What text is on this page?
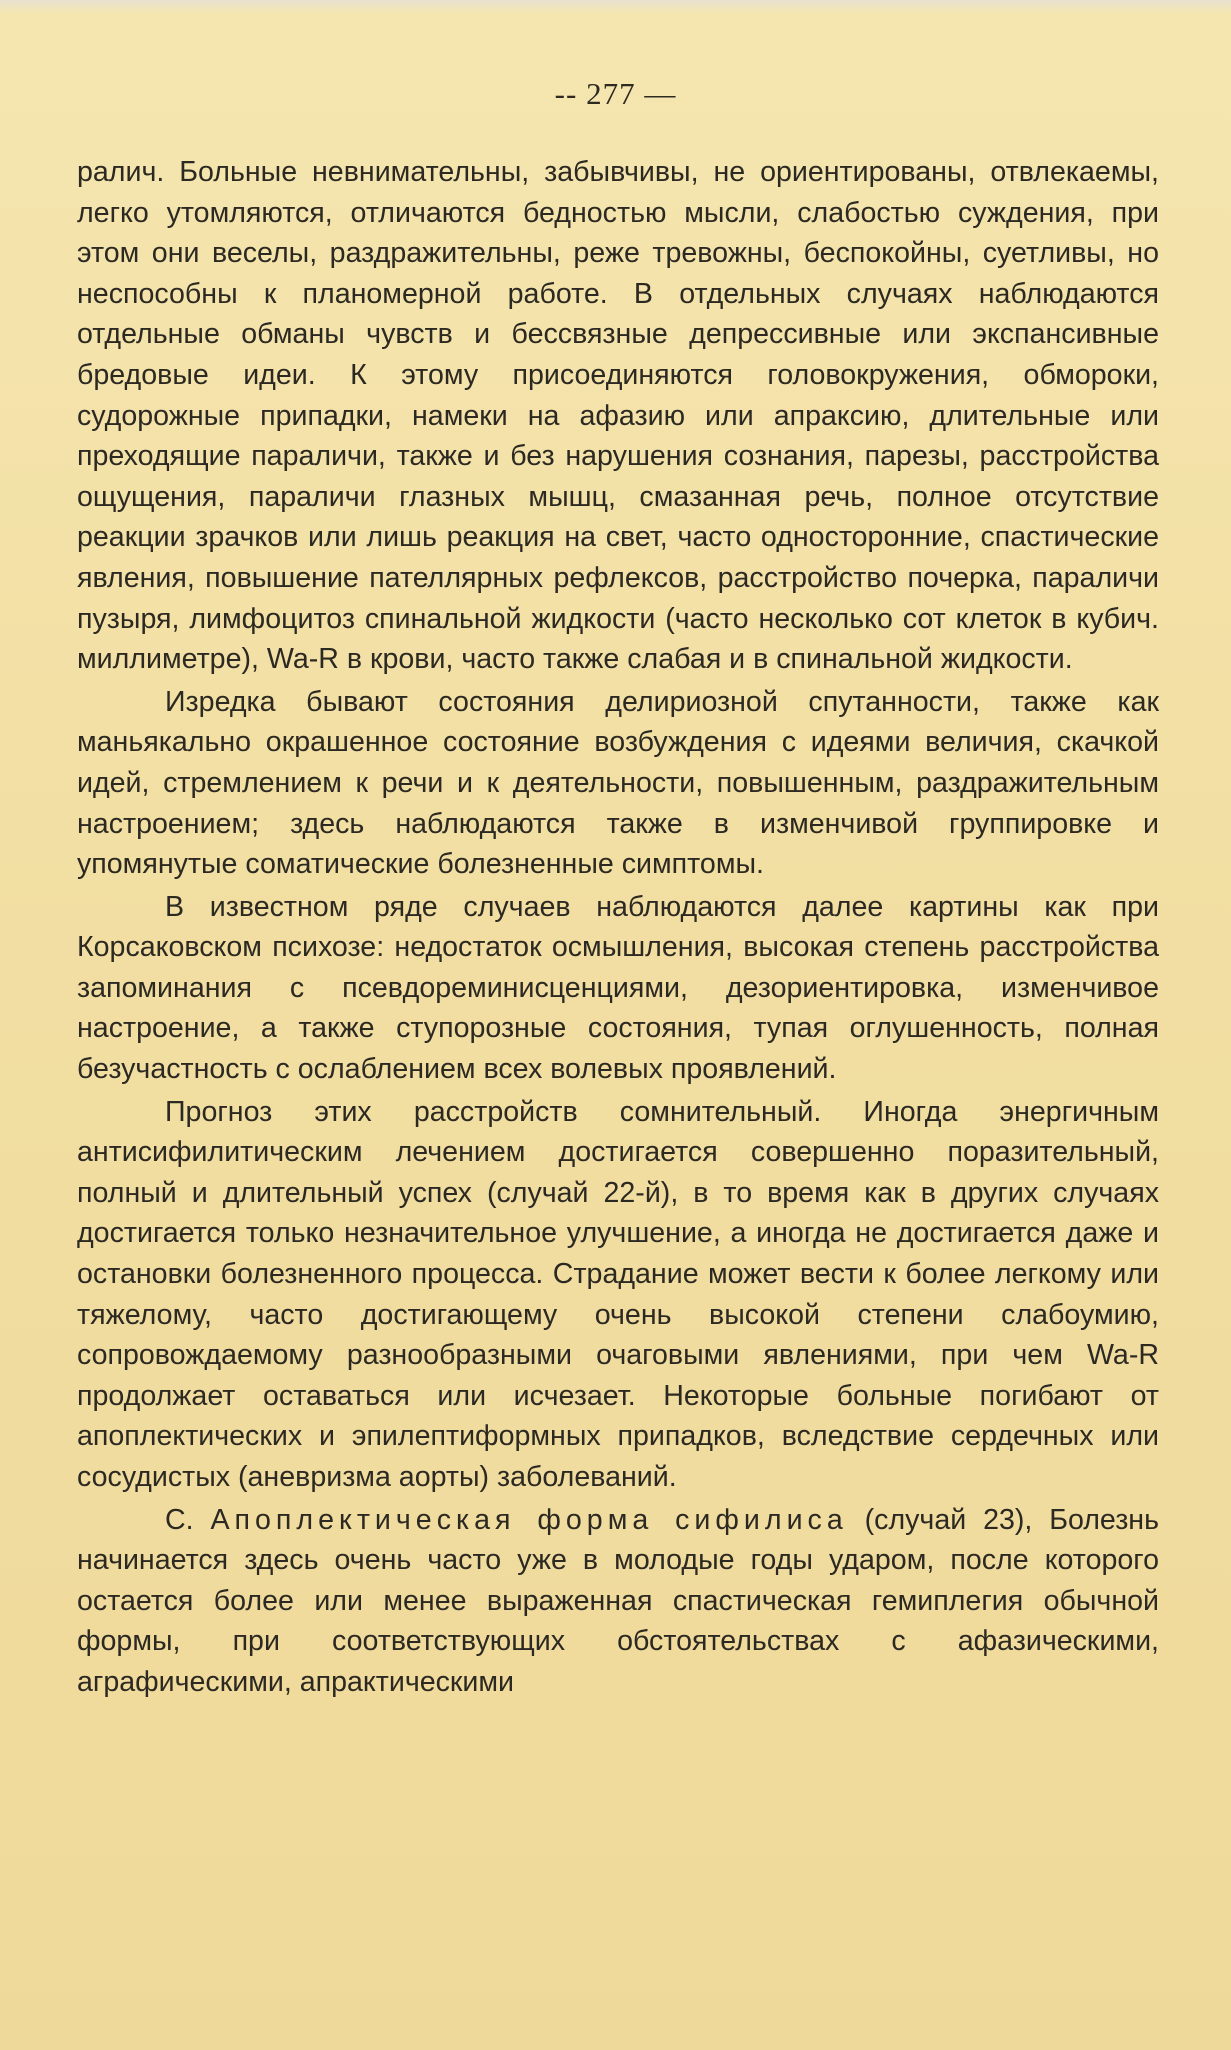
-- 277 —

ралич. Больные невнимательны, забывчивы, не ориентированы, отвлекаемы, легко утомляются, отличаются бедностью мысли, слабостью суждения, при этом они веселы, раздражительны, реже тревожны, беспокойны, суетливы, но неспособны к планомерной работе. В отдельных случаях наблюдаются отдельные обманы чувств и бессвязные депрессивные или экспансивные бредовые идеи. К этому присоединяются головокружения, обмороки, судорожные припадки, намеки на афазию или апраксию, длительные или преходящие параличи, также и без нарушения сознания, парезы, расстройства ощущения, параличи глазных мышц, смазанная речь, полное отсутствие реакции зрачков или лишь реакция на свет, часто односторонние, спастические явления, повышение пателлярных рефлексов, расстройство почерка, параличи пузыря, лимфоцитоз спинальной жидкости (часто несколько сот клеток в кубич. миллиметре), Wa-R в крови, часто также слабая и в спинальной жидкости.

Изредка бывают состояния делириозной спутанности, также как маньякально окрашенное состояние возбуждения с идеями величия, скачкой идей, стремлением к речи и к деятельности, повышенным, раздражительным настроением; здесь наблюдаются также в изменчивой группировке и упомянутые соматические болезненные симптомы.

В известном ряде случаев наблюдаются далее картины как при Корсаковском психозе: недостаток осмышления, высокая степень расстройства запоминания с псевдореминисценциями, дезориентировка, изменчивое настроение, а также ступорозные состояния, тупая оглушенность, полная безучастность с ослаблением всех волевых проявлений.

Прогноз этих расстройств сомнительный. Иногда энергичным антисифилитическим лечением достигается совершенно поразительный, полный и длительный успех (случай 22-й), в то время как в других случаях достигается только незначительное улучшение, а иногда не достигается даже и остановки болезненного процесса. Страдание может вести к более легкому или тяжелому, часто достигающему очень высокой степени слабоумию, сопровождаемому разнообразными очаговыми явлениями, при чем Wa-R продолжает оставаться или исчезает. Некоторые больные погибают от апоплектических и эпилептиформных припадков, вследствие сердечных или сосудистых (аневризма аорты) заболеваний.

С. Апоплектическая форма сифилиса (случай 23), Болезнь начинается здесь очень часто уже в молодые годы ударом, после которого остается более или менее выраженная спастическая гемиплегия обычной формы, при соответствующих обстоятельствах с афазическими, аграфическими, апрактическими
